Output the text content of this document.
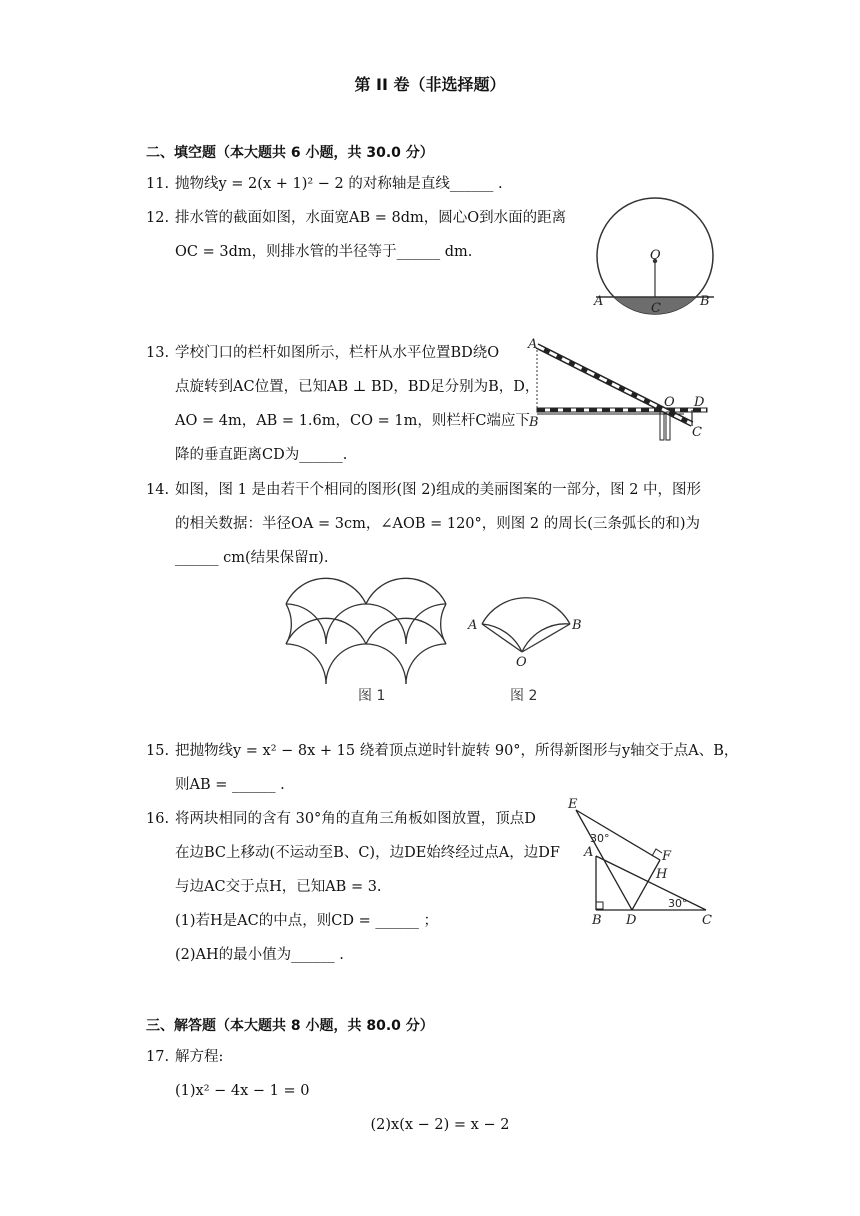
第 II 卷（非选择题）
二、填空题（本大题共 6 小题，共 30.0 分）
11. 抛物线y = 2(x + 1)² − 2 的对称轴是直线______ .
12. 排水管的截面如图，水面宽AB = 8dm，圆心O到水面的距离
OC = 3dm，则排水管的半径等于______ dm.	O
C
A	B
13. 学校门口的栏杆如图所示，栏杆从水平位置BD绕O
点旋转到AC位置，已知AB ⊥ BD，BD足分别为B，D，
AO = 4m，AB = 1.6m，CO = 1m，则栏杆C端应下
降的垂直距离CD为______.
A
B
O D
C
14. 如图，图 1 是由若干个相同的图形(图 2)组成的美丽图案的一部分，图 2 中，图形
的相关数据：半径OA = 3cm，∠AOB = 120°，则图 2 的周长(三条弧长的和)为
______ cm(结果保留π).
图 1
A	B
O
图 2
15. 把抛物线y = x² − 8x + 15 绕着顶点逆时针旋转 90°，所得新图形与y轴交于点A、B，
则AB = ______ .
16. 将两块相同的含有 30°角的直角三角板如图放置，顶点D
在边BC上移动(不运动至B、C)，边DE始终经过点A，边DF
与边AC交于点H，已知AB = 3.
(1)若H是AC的中点，则CD = ______ ；
(2)AH的最小值为______ .
E
A	F
H
B D	C
30°
30°
三、解答题（本大题共 8 小题，共 80.0 分）
17. 解方程:
(1)x² − 4x − 1 = 0
(2)x(x − 2) = x − 2
